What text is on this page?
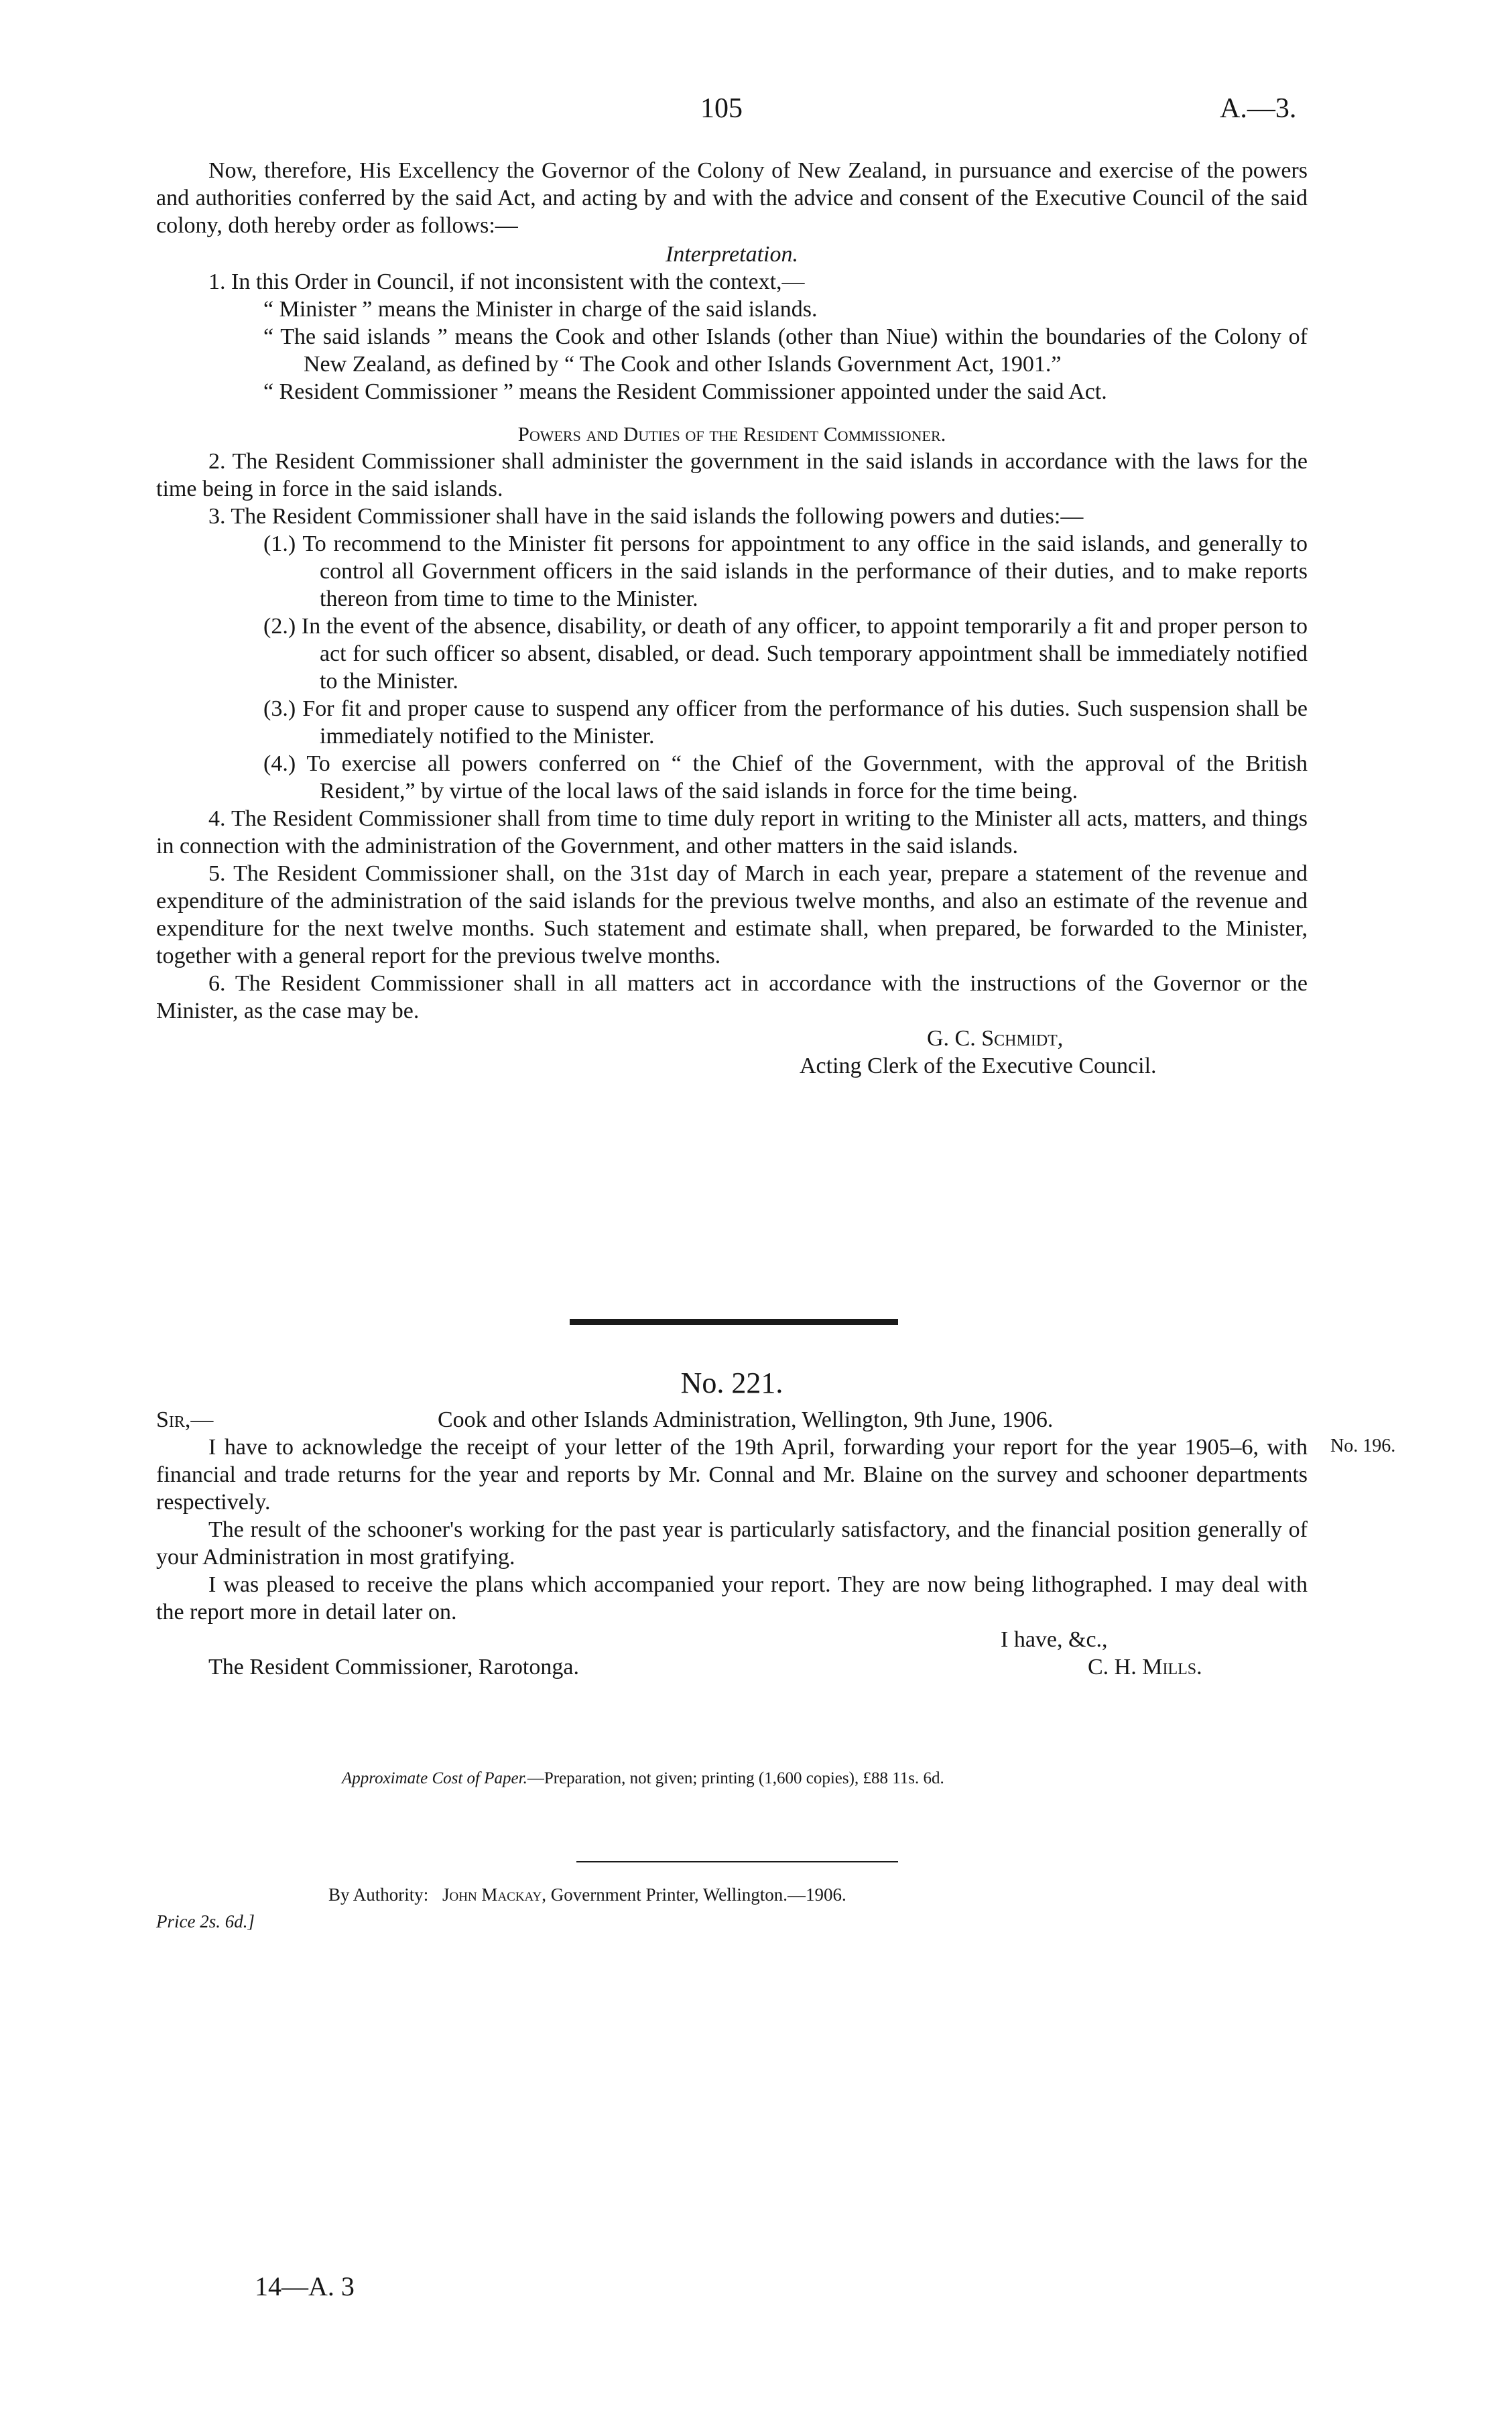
105	A.—3.
Now, therefore, His Excellency the Governor of the Colony of New Zealand, in pursuance and exercise of the powers and authorities conferred by the said Act, and acting by and with the advice and consent of the Executive Council of the said colony, doth hereby order as follows:—
Interpretation.
1. In this Order in Council, if not inconsistent with the context,—
“ Minister ” means the Minister in charge of the said islands.
“ The said islands ” means the Cook and other Islands (other than Niue) within the boundaries of the Colony of New Zealand, as defined by “ The Cook and other Islands Government Act, 1901.”
“ Resident Commissioner ” means the Resident Commissioner appointed under the said Act.
Powers and Duties of the Resident Commissioner.
2. The Resident Commissioner shall administer the government in the said islands in accordance with the laws for the time being in force in the said islands.
3. The Resident Commissioner shall have in the said islands the following powers and duties:—
(1.) To recommend to the Minister fit persons for appointment to any office in the said islands, and generally to control all Government officers in the said islands in the performance of their duties, and to make reports thereon from time to time to the Minister.
(2.) In the event of the absence, disability, or death of any officer, to appoint temporarily a fit and proper person to act for such officer so absent, disabled, or dead. Such temporary appointment shall be immediately notified to the Minister.
(3.) For fit and proper cause to suspend any officer from the performance of his duties. Such suspension shall be immediately notified to the Minister.
(4.) To exercise all powers conferred on “ the Chief of the Government, with the approval of the British Resident,” by virtue of the local laws of the said islands in force for the time being.
4. The Resident Commissioner shall from time to time duly report in writing to the Minister all acts, matters, and things in connection with the administration of the Government, and other matters in the said islands.
5. The Resident Commissioner shall, on the 31st day of March in each year, prepare a statement of the revenue and expenditure of the administration of the said islands for the previous twelve months, and also an estimate of the revenue and expenditure for the next twelve months. Such statement and estimate shall, when prepared, be forwarded to the Minister, together with a general report for the previous twelve months.
6. The Resident Commissioner shall in all matters act in accordance with the instructions of the Governor or the Minister, as the case may be.
G. C. Schmidt,
Acting Clerk of the Executive Council.
No. 221.
Sir,—	Cook and other Islands Administration, Wellington, 9th June, 1906.
I have to acknowledge the receipt of your letter of the 19th April, forwarding your report for the year 1905–6, with financial and trade returns for the year and reports by Mr. Connal and Mr. Blaine on the survey and schooner departments respectively.
The result of the schooner's working for the past year is particularly satisfactory, and the financial position generally of your Administration in most gratifying.
I was pleased to receive the plans which accompanied your report. They are now being lithographed. I may deal with the report more in detail later on.
I have, &c.,
The Resident Commissioner, Rarotonga.	C. H. Mills.
No. 196.
Approximate Cost of Paper.—Preparation, not given; printing (1,600 copies), £88 11s. 6d.
By Authority: John Mackay, Government Printer, Wellington.—1906.
Price 2s. 6d.]
14—A. 3
